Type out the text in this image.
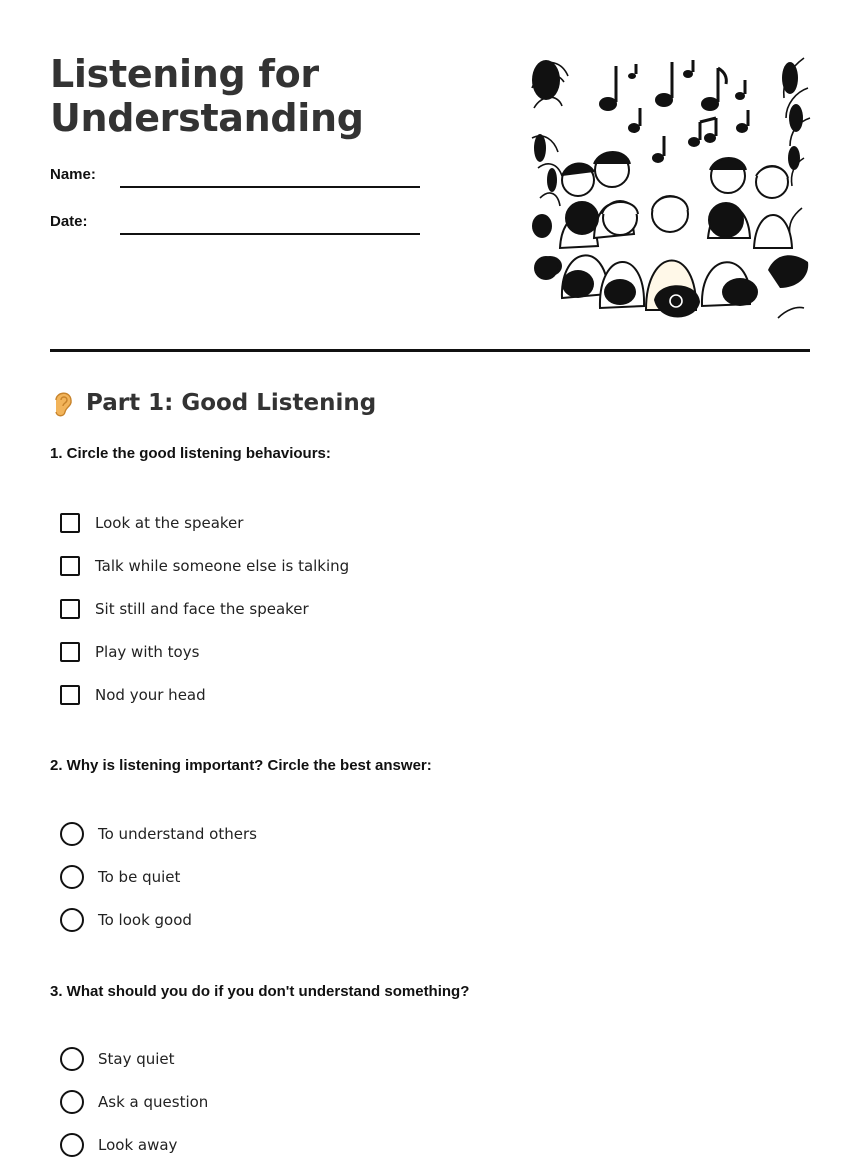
Listening for
Understanding
Name:
Date:
Part 1: Good Listening

1. Circle the good listening behaviours:

Look at the speaker
Talk while someone else is talking
Sit still and face the speaker
Play with toys
Nod your head

2. Why is listening important? Circle the best answer:

To understand others
To be quiet
To look good

3. What should you do if you don't understand something?

Stay quiet
Ask a question
Look away
